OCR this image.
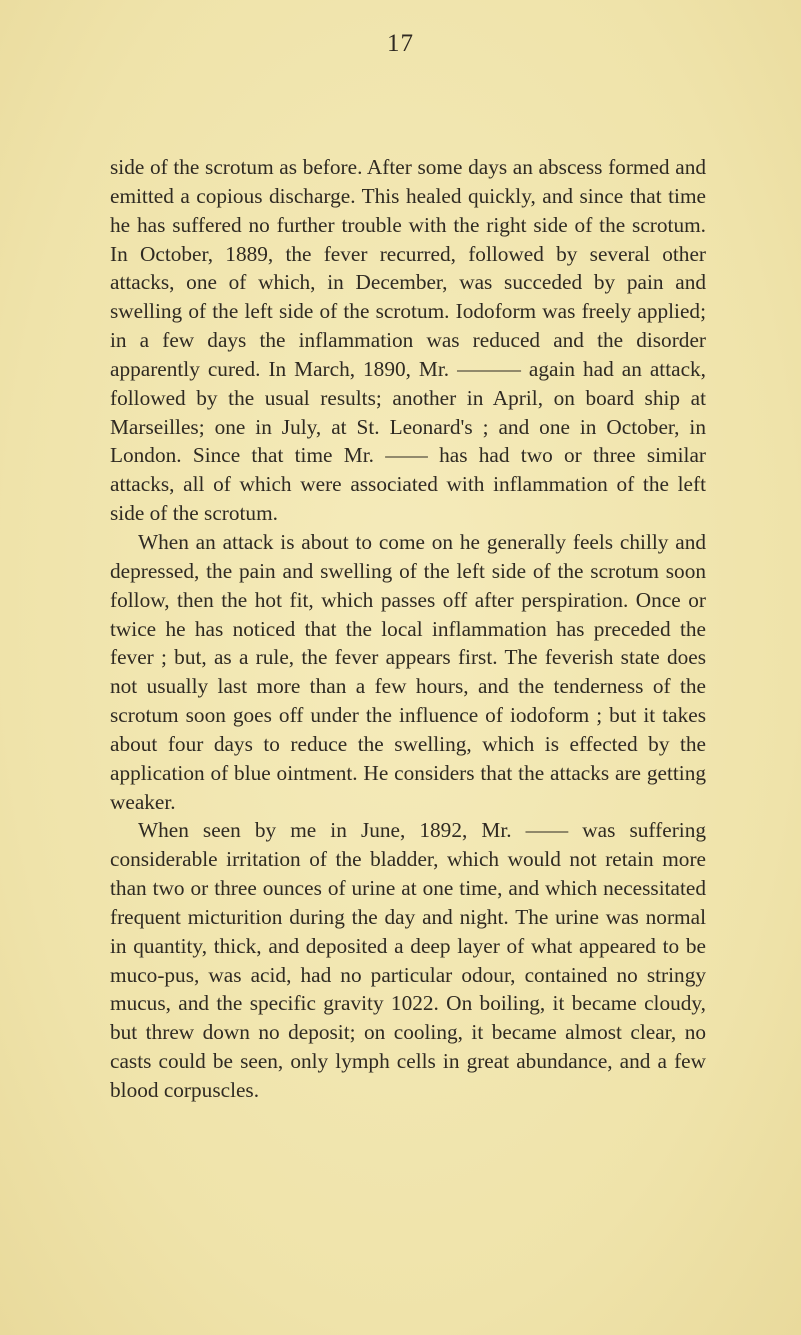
17

side of the scrotum as before. After some days an abscess formed and emitted a copious discharge. This healed quickly, and since that time he has suffered no further trouble with the right side of the scrotum. In October, 1889, the fever recurred, followed by several other attacks, one of which, in December, was succeded by pain and swelling of the left side of the scrotum. Iodoform was freely applied; in a few days the inflammation was reduced and the disorder apparently cured. In March, 1890, Mr. ——— again had an attack, followed by the usual results; another in April, on board ship at Marseilles; one in July, at St. Leonard's ; and one in October, in London. Since that time Mr. —— has had two or three similar attacks, all of which were associated with inflammation of the left side of the scrotum.

When an attack is about to come on he generally feels chilly and depressed, the pain and swelling of the left side of the scrotum soon follow, then the hot fit, which passes off after perspiration. Once or twice he has noticed that the local inflammation has preceded the fever ; but, as a rule, the fever appears first. The feverish state does not usually last more than a few hours, and the tenderness of the scrotum soon goes off under the influence of iodoform ; but it takes about four days to reduce the swelling, which is effected by the application of blue ointment. He considers that the attacks are getting weaker.

When seen by me in June, 1892, Mr. —— was suffering considerable irritation of the bladder, which would not retain more than two or three ounces of urine at one time, and which necessitated frequent micturition during the day and night. The urine was normal in quantity, thick, and deposited a deep layer of what appeared to be muco-pus, was acid, had no particular odour, contained no stringy mucus, and the specific gravity 1022. On boiling, it became cloudy, but threw down no deposit; on cooling, it became almost clear, no casts could be seen, only lymph cells in great abundance, and a few blood corpuscles.
